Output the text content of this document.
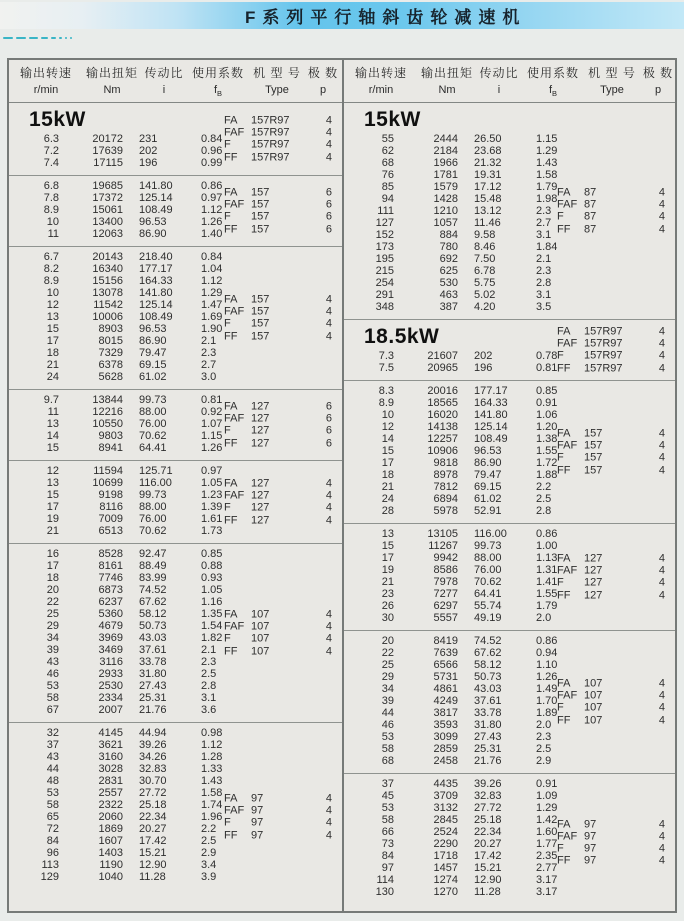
F系列平行轴斜齿轮减速机
输出转速
r/min
输出扭矩
Nm
传动比
i
使用系数
$f_B$
机 型 号
Type
极 数
p
15kW
6.3	20172	231	0.84
7.2	17639	202	0.96
7.4	17115	196	0.99
FA	157R97	4
FAF 157R97	4
F	157R97	4
FF	157R97	4
6.8	19685	141.80	0.86
7.8	17372	125.14	0.97
8.9	15061	108.49	1.12
10	13400	96.53	1.26
11	12063	86.90	1.40
FA	157	6
FAF 157	6
F	157	6
FF	157	6
6.7	20143	218.40	0.84
8.2	16340	177.17	1.04
8.9	15156	164.33	1.12
10	13078	141.80	1.29
12	11542	125.14	1.47
13	10006	108.49	1.69
15	8903	96.53	1.90
17	8015	86.90	2.1
18	7329	79.47	2.3
21	6378	69.15	2.7
24	5628	61.02	3.0
FA	157	4
FAF 157	4
F	157	4
FF	157	4
9.7	13844	99.73	0.81
11	12216	88.00	0.92
13	10550	76.00	1.07
14	9803	70.62	1.15
15	8941	64.41	1.26
FA	127	6
FAF 127	6
F	127	6
FF	127	6
12	11594	125.71	0.97
13	10699	116.00	1.05
15	9198	99.73	1.23
17	8116	88.00	1.39
19	7009	76.00	1.61
21	6513	70.62	1.73
FA	127	4
FAF 127	4
F	127	4
FF	127	4
16	8528	92.47	0.85
17	8161	88.49	0.88
18	7746	83.99	0.93
20	6873	74.52	1.05
22	6237	67.62	1.16
25	5360	58.12	1.35
29	4679	50.73	1.54
34	3969	43.03	1.82
39	3469	37.61	2.1
43	3116	33.78	2.3
46	2933	31.80	2.5
53	2530	27.43	2.8
58	2334	25.31	3.1
67	2007	21.76	3.6
FA	107	4
FAF 107	4
F	107	4
FF	107	4
32	4145	44.94	0.98
37	3621	39.26	1.12
43	3160	34.26	1.28
44	3028	32.83	1.33
48	2831	30.70	1.43
53	2557	27.72	1.58
58	2322	25.18	1.74
65	2060	22.34	1.96
72	1869	20.27	2.2
84	1607	17.42	2.5
96	1403	15.21	2.9
113	1190	12.90	3.4
129	1040	11.28	3.9
FA	97	4
FAF 97	4
F	97	4
FF	97	4
输出转速
r/min
输出扭矩
Nm
传动比
i
使用系数
$f_B$
机 型 号
Type
极 数
p
15kW
55	2444	26.50	1.15
62	2184	23.68	1.29
68	1966	21.32	1.43
76	1781	19.31	1.58
85	1579	17.12	1.79
94	1428	15.48	1.98
111	1210	13.12	2.3
127	1057	11.46	2.7
152	884	9.58	3.1
173	780	8.46	1.84
195	692	7.50	2.1
215	625	6.78	2.3
254	530	5.75	2.8
291	463	5.02	3.1
348	387	4.20	3.5
FA	87	4
FAF 87	4
F	87	4
FF	87	4
18.5kW
7.3	21607	202	0.78
7.5	20965	196	0.81
FA	157R97	4
FAF 157R97	4
F	157R97	4
FF	157R97	4
8.3	20016	177.17	0.85
8.9	18565	164.33	0.91
10	16020	141.80	1.06
12	14138	125.14	1.20
14	12257	108.49	1.38
15	10906	96.53	1.55
17	9818	86.90	1.72
18	8978	79.47	1.88
21	7812	69.15	2.2
24	6894	61.02	2.5
28	5978	52.91	2.8
FA	157	4
FAF 157	4
F	157	4
FF	157	4
13	13105	116.00	0.86
15	11267	99.73	1.00
17	9942	88.00	1.13
19	8586	76.00	1.31
21	7978	70.62	1.41
23	7277	64.41	1.55
26	6297	55.74	1.79
30	5557	49.19	2.0
FA	127	4
FAF 127	4
F	127	4
FF	127	4
20	8419	74.52	0.86
22	7639	67.62	0.94
25	6566	58.12	1.10
29	5731	50.73	1.26
34	4861	43.03	1.49
39	4249	37.61	1.70
44	3817	33.78	1.89
46	3593	31.80	2.0
53	3099	27.43	2.3
58	2859	25.31	2.5
68	2458	21.76	2.9
FA	107	4
FAF 107	4
F	107	4
FF	107	4
37	4435	39.26	0.91
45	3709	32.83	1.09
53	3132	27.72	1.29
58	2845	25.18	1.42
66	2524	22.34	1.60
73	2290	20.27	1.77
84	1718	17.42	2.35
97	1457	15.21	2.77
114	1274	12.90	3.17
130	1270	11.28	3.17
FA	97	4
FAF 97	4
F	97	4
FF	97	4
